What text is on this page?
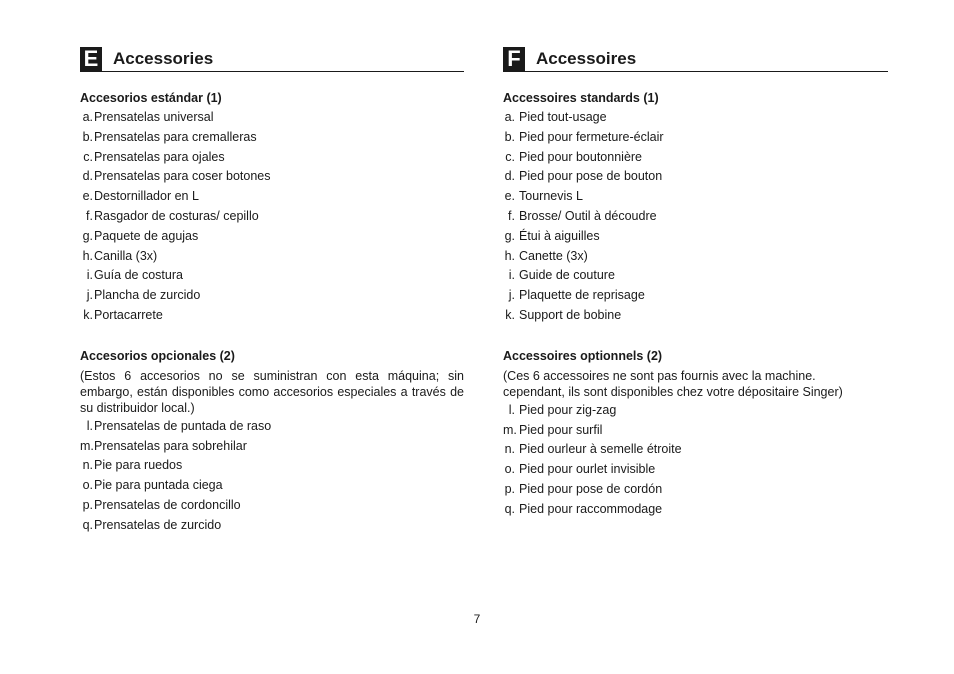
E Accessories
Accesorios estándar (1)
a. Prensatelas universal
b. Prensatelas para cremalleras
c. Prensatelas para ojales
d. Prensatelas para coser botones
e. Destornillador en L
f. Rasgador de costuras/ cepillo
g. Paquete de agujas
h. Canilla (3x)
i. Guía de costura
j. Plancha de zurcido
k. Portacarrete
Accesorios opcionales (2)
(Estos 6 accesorios no se suministran con esta máquina; sin embargo, están disponibles como accesorios especiales a través de su distribuidor local.)
l. Prensatelas de puntada de raso
m. Prensatelas para sobrehilar
n. Pie para ruedos
o. Pie para puntada ciega
p. Prensatelas de cordoncillo
q. Prensatelas de zurcido
F Accessoires
Accessoires standards (1)
a. Pied tout-usage
b. Pied pour fermeture-éclair
c. Pied pour boutonnière
d. Pied pour pose de bouton
e. Tournevis L
f. Brosse/ Outil à découdre
g. Étui à aiguilles
h. Canette (3x)
i. Guide de couture
j. Plaquette de reprisage
k. Support de bobine
Accessoires optionnels (2)
(Ces 6 accessoires ne sont pas fournis avec la machine.
cependant, ils sont disponibles chez votre dépositaire Singer)
l. Pied pour zig-zag
m. Pied pour surfil
n. Pied ourleur à semelle étroite
o. Pied pour ourlet invisible
p. Pied pour pose de cordón
q. Pied pour raccommodage
7
